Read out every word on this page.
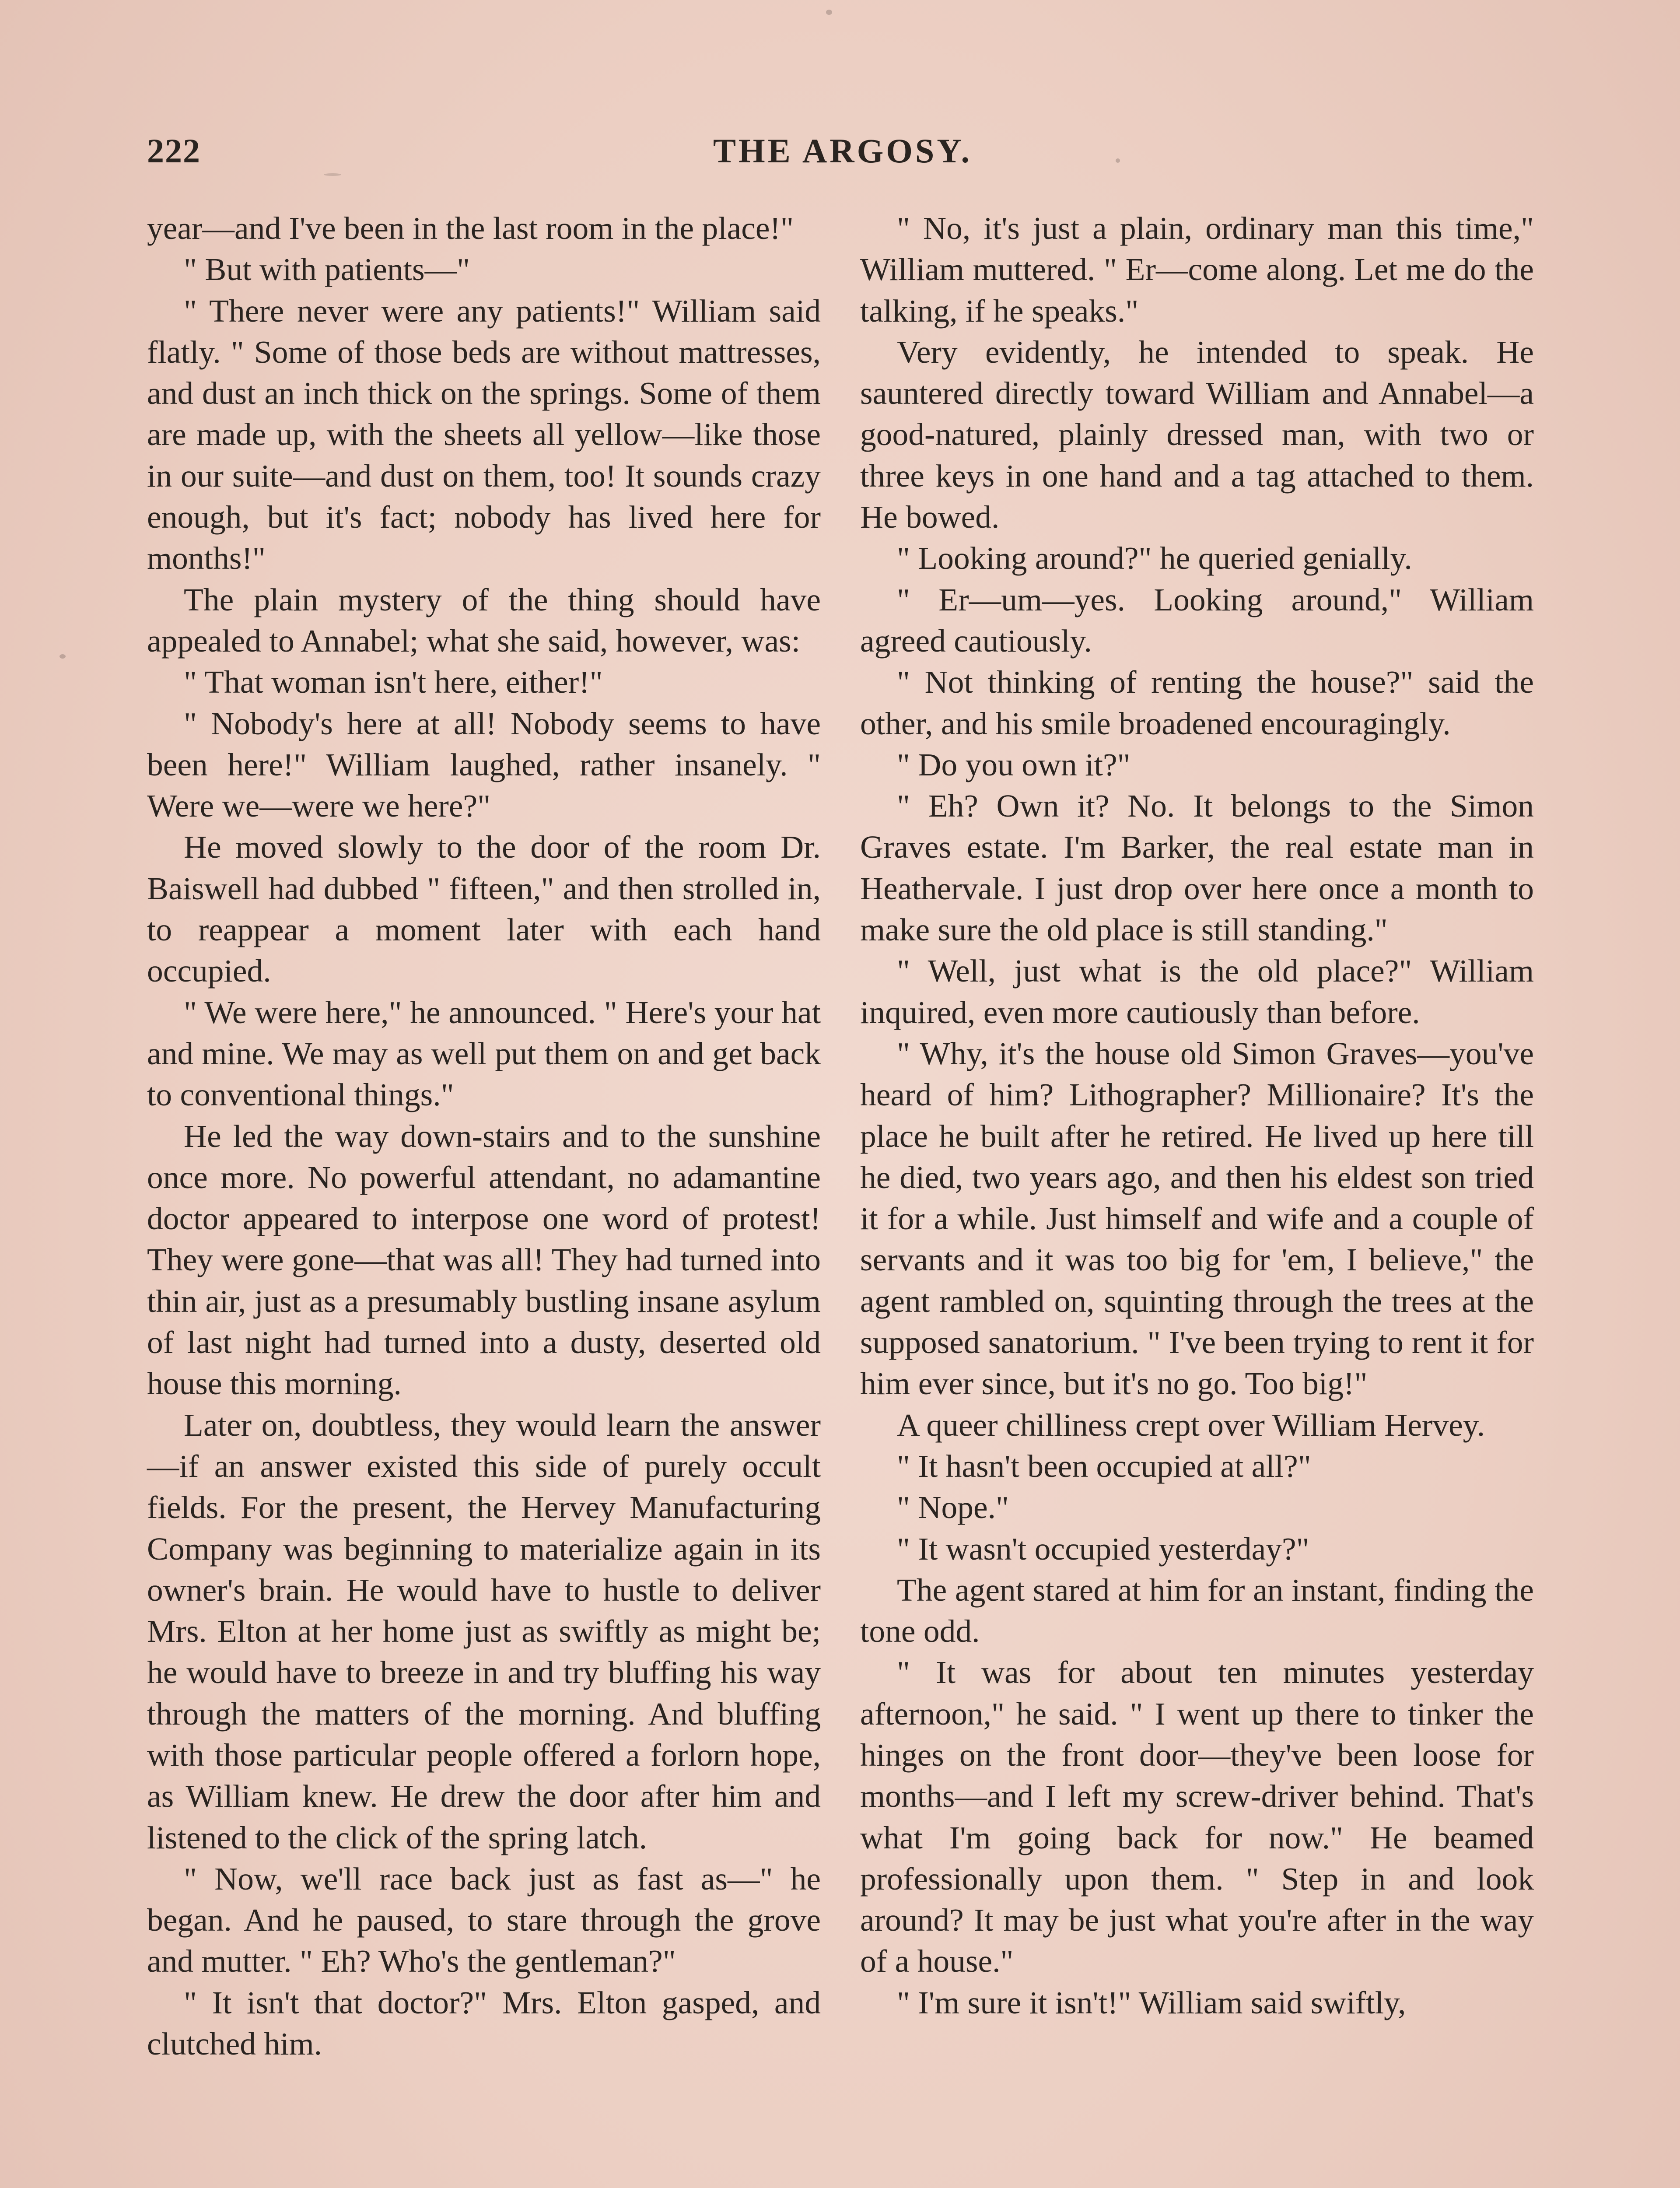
222	THE ARGOSY.

year—and I've been in the last room in the place!"

" But with patients—"

" There never were any patients!" William said flatly. " Some of those beds are without mattresses, and dust an inch thick on the springs. Some of them are made up, with the sheets all yellow—like those in our suite—and dust on them, too! It sounds crazy enough, but it's fact; nobody has lived here for months!"

The plain mystery of the thing should have appealed to Annabel; what she said, however, was:

" That woman isn't here, either!"

" Nobody's here at all! Nobody seems to have been here!" William laughed, rather insanely. " Were we—were we here?"

He moved slowly to the door of the room Dr. Baiswell had dubbed " fifteen," and then strolled in, to reappear a moment later with each hand occupied.

" We were here," he announced. " Here's your hat and mine. We may as well put them on and get back to conventional things."

He led the way down-stairs and to the sunshine once more. No powerful attendant, no adamantine doctor appeared to interpose one word of protest! They were gone—that was all! They had turned into thin air, just as a presumably bustling insane asylum of last night had turned into a dusty, deserted old house this morning.

Later on, doubtless, they would learn the answer—if an answer existed this side of purely occult fields. For the present, the Hervey Manufacturing Company was beginning to materialize again in its owner's brain. He would have to hustle to deliver Mrs. Elton at her home just as swiftly as might be; he would have to breeze in and try bluffing his way through the matters of the morning. And bluffing with those particular people offered a forlorn hope, as William knew. He drew the door after him and listened to the click of the spring latch.

" Now, we'll race back just as fast as—" he began. And he paused, to stare through the grove and mutter. " Eh? Who's the gentleman?"

" It isn't that doctor?" Mrs. Elton gasped, and clutched him.

" No, it's just a plain, ordinary man this time," William muttered. " Er—come along. Let me do the talking, if he speaks."

Very evidently, he intended to speak. He sauntered directly toward William and Annabel—a good-natured, plainly dressed man, with two or three keys in one hand and a tag attached to them. He bowed.

" Looking around?" he queried genially.

" Er—um—yes. Looking around," William agreed cautiously.

" Not thinking of renting the house?" said the other, and his smile broadened encouragingly.

" Do you own it?"

" Eh? Own it? No. It belongs to the Simon Graves estate. I'm Barker, the real estate man in Heathervale. I just drop over here once a month to make sure the old place is still standing."

" Well, just what is the old place?" William inquired, even more cautiously than before.

" Why, it's the house old Simon Graves—you've heard of him? Lithographer? Millionaire? It's the place he built after he retired. He lived up here till he died, two years ago, and then his eldest son tried it for a while. Just himself and wife and a couple of servants and it was too big for 'em, I believe," the agent rambled on, squinting through the trees at the supposed sanatorium. " I've been trying to rent it for him ever since, but it's no go. Too big!"

A queer chilliness crept over William Hervey.

" It hasn't been occupied at all?"

" Nope."

" It wasn't occupied yesterday?"

The agent stared at him for an instant, finding the tone odd.

" It was for about ten minutes yesterday afternoon," he said. " I went up there to tinker the hinges on the front door—they've been loose for months—and I left my screw-driver behind. That's what I'm going back for now." He beamed professionally upon them. " Step in and look around? It may be just what you're after in the way of a house."

" I'm sure it isn't!" William said swiftly,
